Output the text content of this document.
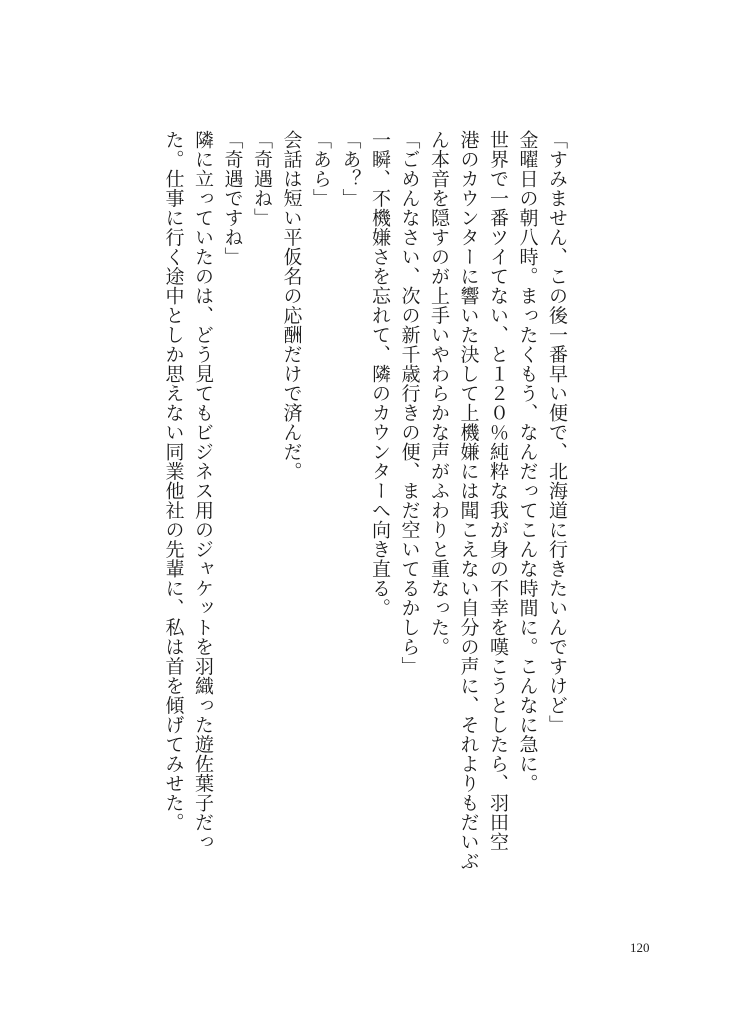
「すみません、この後一番早い便で、北海道に行きたいんですけど」
金曜日の朝八時。まったくもう、なんだってこんな時間に。こんなに急に。
世界で一番ツイてない、と１２０％純粋な我が身の不幸を嘆こうとしたら、羽田空
港のカウンターに響いた決して上機嫌には聞こえない自分の声に、それよりもだいぶ
ん本音を隠すのが上手いやわらかな声がふわりと重なった。
「ごめんなさい、次の新千歳行きの便、まだ空いてるかしら」
一瞬、不機嫌さを忘れて、隣のカウンターへ向き直る。
「あ？」
「あら」
会話は短い平仮名の応酬だけで済んだ。
「奇遇ね」
「奇遇ですね」
隣に立っていたのは、どう見てもビジネス用のジャケットを羽織った遊佐葉子だっ
た。仕事に行く途中としか思えない同業他社の先輩に、私は首を傾げてみせた。
120
